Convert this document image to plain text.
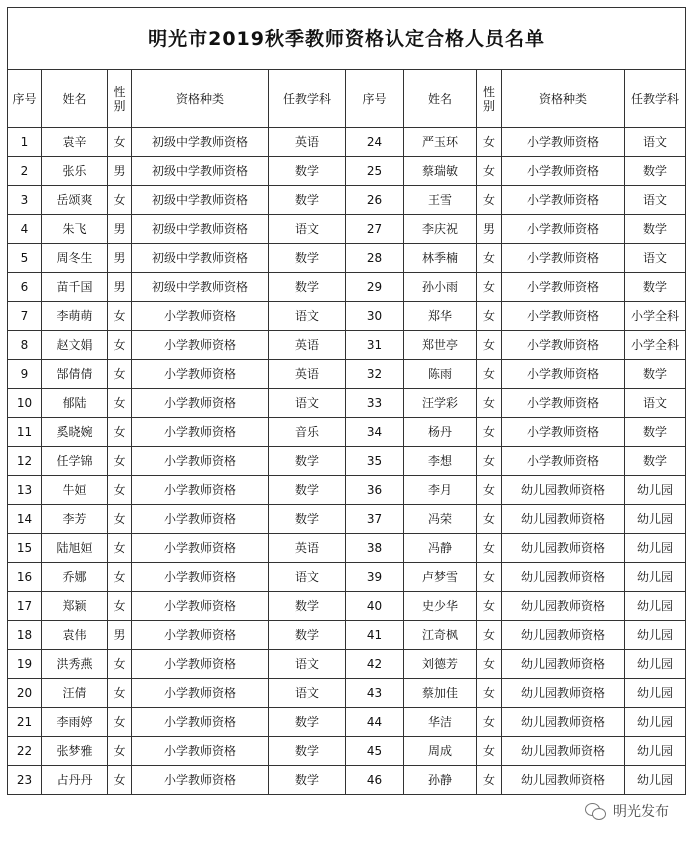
明光市2019秋季教师资格认定合格人员名单									
序号	姓名	性别	资格种类	任教学科	序号	姓名	性别	资格种类	任教学科
1	袁辛	女	初级中学教师资格	英语	24	严玉环	女	小学教师资格	语文
2	张乐	男	初级中学教师资格	数学	25	蔡瑞敏	女	小学教师资格	数学
3	岳颂爽	女	初级中学教师资格	数学	26	王雪	女	小学教师资格	语文
4	朱飞	男	初级中学教师资格	语文	27	李庆祝	男	小学教师资格	数学
5	周冬生	男	初级中学教师资格	数学	28	林季楠	女	小学教师资格	语文
6	苗千国	男	初级中学教师资格	数学	29	孙小雨	女	小学教师资格	数学
7	李萌萌	女	小学教师资格	语文	30	郑华	女	小学教师资格	小学全科
8	赵文娟	女	小学教师资格	英语	31	郑世亭	女	小学教师资格	小学全科
9	郜倩倩	女	小学教师资格	英语	32	陈雨	女	小学教师资格	数学
10	郁陆	女	小学教师资格	语文	33	汪学彩	女	小学教师资格	语文
11	奚晓婉	女	小学教师资格	音乐	34	杨丹	女	小学教师资格	数学
12	任学锦	女	小学教师资格	数学	35	李想	女	小学教师资格	数学
13	牛姮	女	小学教师资格	数学	36	李月	女	幼儿园教师资格	幼儿园
14	李芳	女	小学教师资格	数学	37	冯荣	女	幼儿园教师资格	幼儿园
15	陆旭姮	女	小学教师资格	英语	38	冯静	女	幼儿园教师资格	幼儿园
16	乔娜	女	小学教师资格	语文	39	卢梦雪	女	幼儿园教师资格	幼儿园
17	郑颖	女	小学教师资格	数学	40	史少华	女	幼儿园教师资格	幼儿园
18	袁伟	男	小学教师资格	数学	41	江奇枫	女	幼儿园教师资格	幼儿园
19	洪秀燕	女	小学教师资格	语文	42	刘德芳	女	幼儿园教师资格	幼儿园
20	汪倩	女	小学教师资格	语文	43	蔡加佳	女	幼儿园教师资格	幼儿园
21	李雨婷	女	小学教师资格	数学	44	华洁	女	幼儿园教师资格	幼儿园
22	张梦雅	女	小学教师资格	数学	45	周成	女	幼儿园教师资格	幼儿园
23	占丹丹	女	小学教师资格	数学	46	孙静	女	幼儿园教师资格	幼儿园
明光发布
